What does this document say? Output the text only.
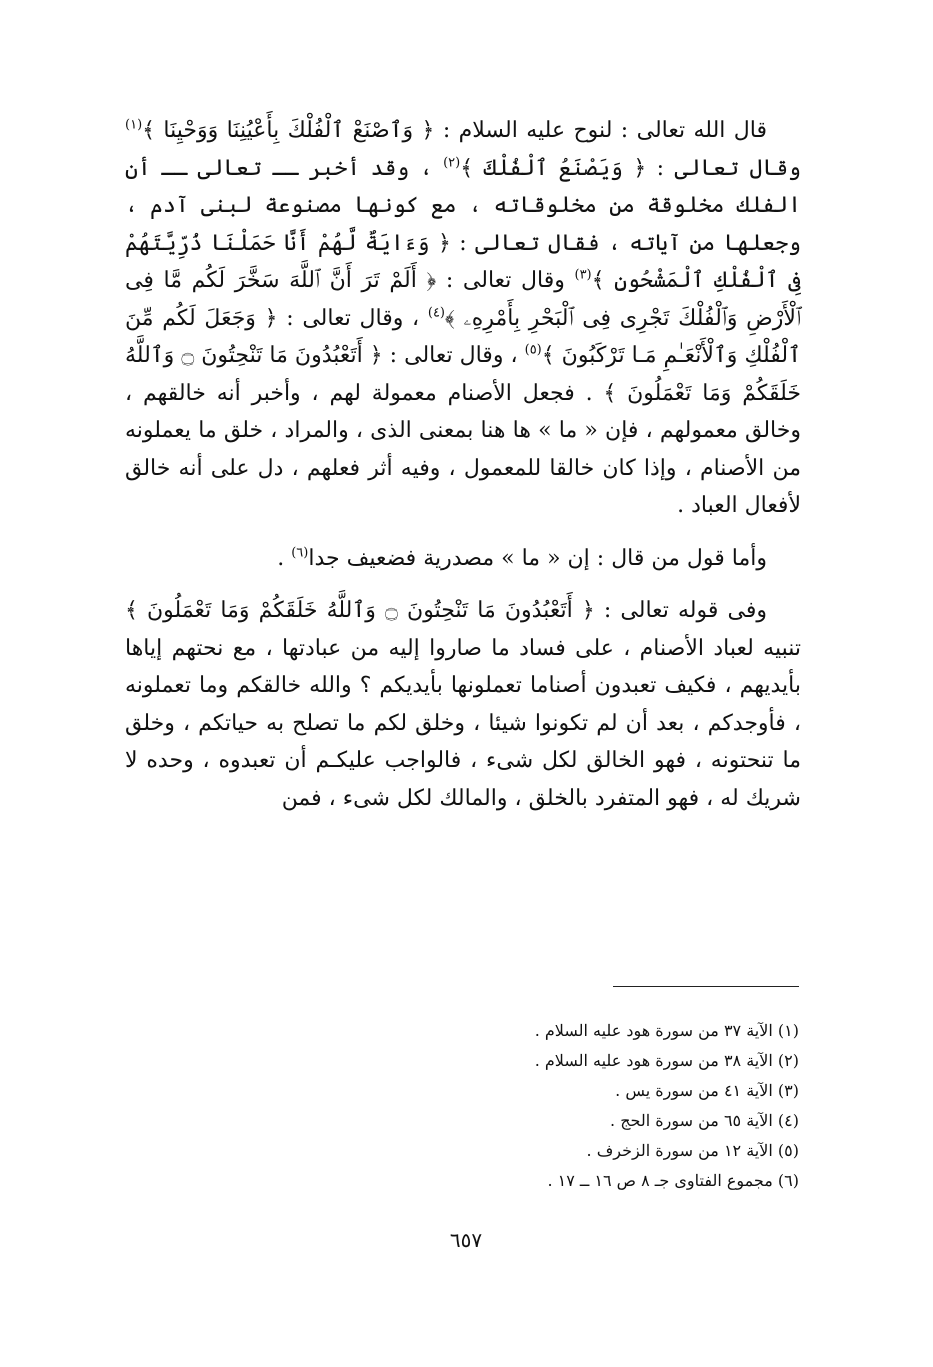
قال الله تعالى : لنوح عليه السلام : ﴿ وَٱصْنَعْ ٱلْفُلْكَ بِأَعْيُنِنَا وَوَحْيِنَا ﴾$^{(١)}$ وقال تعالى : ﴿ وَيَصْنَعُ ٱلْفُلْكَ ﴾$^{(٢)}$ ، وقد أخبر ــ تعالى ــ أن الفلك مخلوقة من مخلوقاته ، مع كونها مصنوعة لبنى آدم ، وجعلها من آياته ، فقال تعالى : ﴿ وَءَايَةٌ لَّهُمْ أَنَّا حَمَلْنَا ذُرِّيَّتَهُمْ فِى ٱلْفُلْكِ ٱلْمَشْحُونِ ﴾$^{(٣)}$ وقال تعالى : ﴿ أَلَمْ تَرَ أَنَّ ٱللَّهَ سَخَّرَ لَكُم مَّا فِى ٱلْأَرْضِ وَٱلْفُلْكَ تَجْرِى فِى ٱلْبَحْرِ بِأَمْرِهِۦ ﴾$^{(٤)}$ ، وقال تعالى : ﴿ وَجَعَلَ لَكُم مِّنَ ٱلْفُلْكِ وَٱلْأَنْعَـٰمِ مَـا تَرْكَبُونَ ﴾$^{(٥)}$ ، وقال تعالى : ﴿ أَتَعْبُدُونَ مَا تَنْحِتُونَ ۝ وَٱللَّهُ خَلَقَكُمْ وَمَا تَعْمَلُونَ ﴾ . فجعل الأصنام معمولة لهم ، وأخبر أنه خالقهم ، وخالق معمولهم ، فإن « ما » ها هنا بمعنى الذى ، والمراد ، خلق ما يعملونه من الأصنام ، وإذا كان خالقا للمعمول ، وفيه أثر فعلهم ، دل على أنه خالق لأفعال العباد .

وأما قول من قال : إن « ما » مصدرية فضعيف جدا$^{(٦)}$ .

وفى قوله تعالى : ﴿ أَتَعْبُدُونَ مَا تَنْحِتُونَ ۝ وَٱللَّهُ خَلَقَكُمْ وَمَا تَعْمَلُونَ ﴾ تنبيه لعباد الأصنام ، على فساد ما صاروا إليه من عبادتها ، مع نحتهم إياها بأيديهم ، فكيف تعبدون أصناما تعملونها بأيديكم ؟ والله خالقكم وما تعملونه ، فأوجدكم ، بعد أن لم تكونوا شيئا ، وخلق لكم ما تصلح به حياتكم ، وخلق ما تنحتونه ، فهو الخالق لكل شىء ، فالواجب عليكـم أن تعبدوه ، وحده لا شريك له ، فهو المتفرد بالخلق ، والمالك لكل شىء ، فمن

(١) الآية ٣٧ من سورة هود عليه السلام .
(٢) الآية ٣٨ من سورة هود عليه السلام .
(٣) الآية ٤١ من سورة يس .
(٤) الآية ٦٥ من سورة الحج .
(٥) الآية ١٢ من سورة الزخرف .
(٦) مجموع الفتاوى جـ ٨ ص ١٦ ــ ١٧ .
٦٥٧
